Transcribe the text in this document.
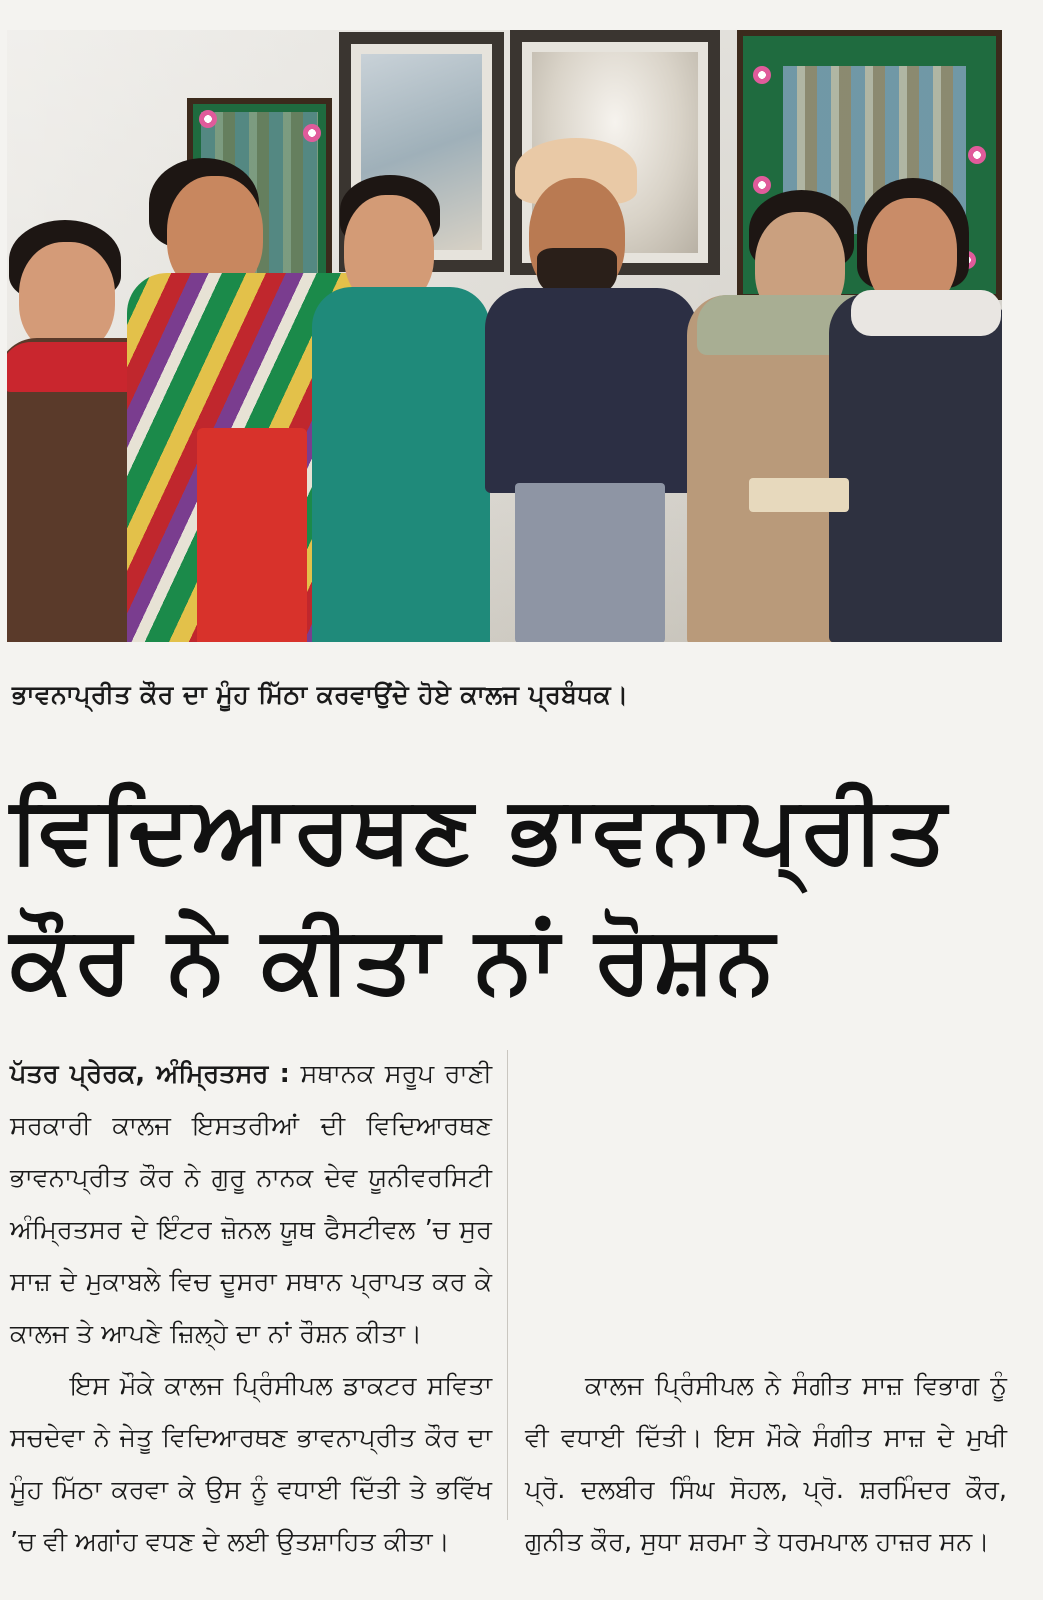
ਭਾਵਨਾਪ੍ਰੀਤ ਕੌਰ ਦਾ ਮੂੰਹ ਮਿੱਠਾ ਕਰਵਾਉਂਦੇ ਹੋਏ ਕਾਲਜ ਪ੍ਰਬੰਧਕ।
ਵਿਦਿਆਰਥਣ ਭਾਵਨਾਪ੍ਰੀਤ
ਕੌਰ ਨੇ ਕੀਤਾ ਨਾਂ ਰੋਸ਼ਨ

ਪੱਤਰ ਪ੍ਰੇਰਕ, ਅੰਮ੍ਰਿਤਸਰ : ਸਥਾਨਕ ਸਰੂਪ ਰਾਣੀ ਸਰਕਾਰੀ ਕਾਲਜ ਇਸਤਰੀਆਂ ਦੀ ਵਿਦਿਆਰਥਣ ਭਾਵਨਾਪ੍ਰੀਤ ਕੌਰ ਨੇ ਗੁਰੂ ਨਾਨਕ ਦੇਵ ਯੂਨੀਵਰਸਿਟੀ ਅੰਮ੍ਰਿਤਸਰ ਦੇ ਇੰਟਰ ਜ਼ੋਨਲ ਯੂਥ ਫੈਸਟੀਵਲ ’ਚ ਸੁਰ ਸਾਜ਼ ਦੇ ਮੁਕਾਬਲੇ ਵਿਚ ਦੂਸਰਾ ਸਥਾਨ ਪ੍ਰਾਪਤ ਕਰ ਕੇ ਕਾਲਜ ਤੇ ਆਪਣੇ ਜ਼ਿਲ੍ਹੇ ਦਾ ਨਾਂ ਰੌਸ਼ਨ ਕੀਤਾ।

ਇਸ ਮੌਕੇ ਕਾਲਜ ਪ੍ਰਿੰਸੀਪਲ ਡਾਕਟਰ ਸਵਿਤਾ ਸਚਦੇਵਾ ਨੇ ਜੇਤੂ ਵਿਦਿਆਰਥਣ ਭਾਵਨਾਪ੍ਰੀਤ ਕੌਰ ਦਾ ਮੂੰਹ ਮਿੱਠਾ ਕਰਵਾ ਕੇ ਉਸ ਨੂੰ ਵਧਾਈ ਦਿੱਤੀ ਤੇ ਭਵਿੱਖ ’ਚ ਵੀ ਅਗਾਂਹ ਵਧਣ ਦੇ ਲਈ ਉਤਸ਼ਾਹਿਤ ਕੀਤਾ।

ਕਾਲਜ ਪ੍ਰਿੰਸੀਪਲ ਨੇ ਸੰਗੀਤ ਸਾਜ਼ ਵਿਭਾਗ ਨੂੰ ਵੀ ਵਧਾਈ ਦਿੱਤੀ। ਇਸ ਮੌਕੇ ਸੰਗੀਤ ਸਾਜ਼ ਦੇ ਮੁਖੀ ਪ੍ਰੋ. ਦਲਬੀਰ ਸਿੰਘ ਸੋਹਲ, ਪ੍ਰੋ. ਸ਼ਰਮਿੰਦਰ ਕੌਰ, ਗੁਨੀਤ ਕੌਰ, ਸੁਧਾ ਸ਼ਰਮਾ ਤੇ ਧਰਮਪਾਲ ਹਾਜ਼ਰ ਸਨ।
